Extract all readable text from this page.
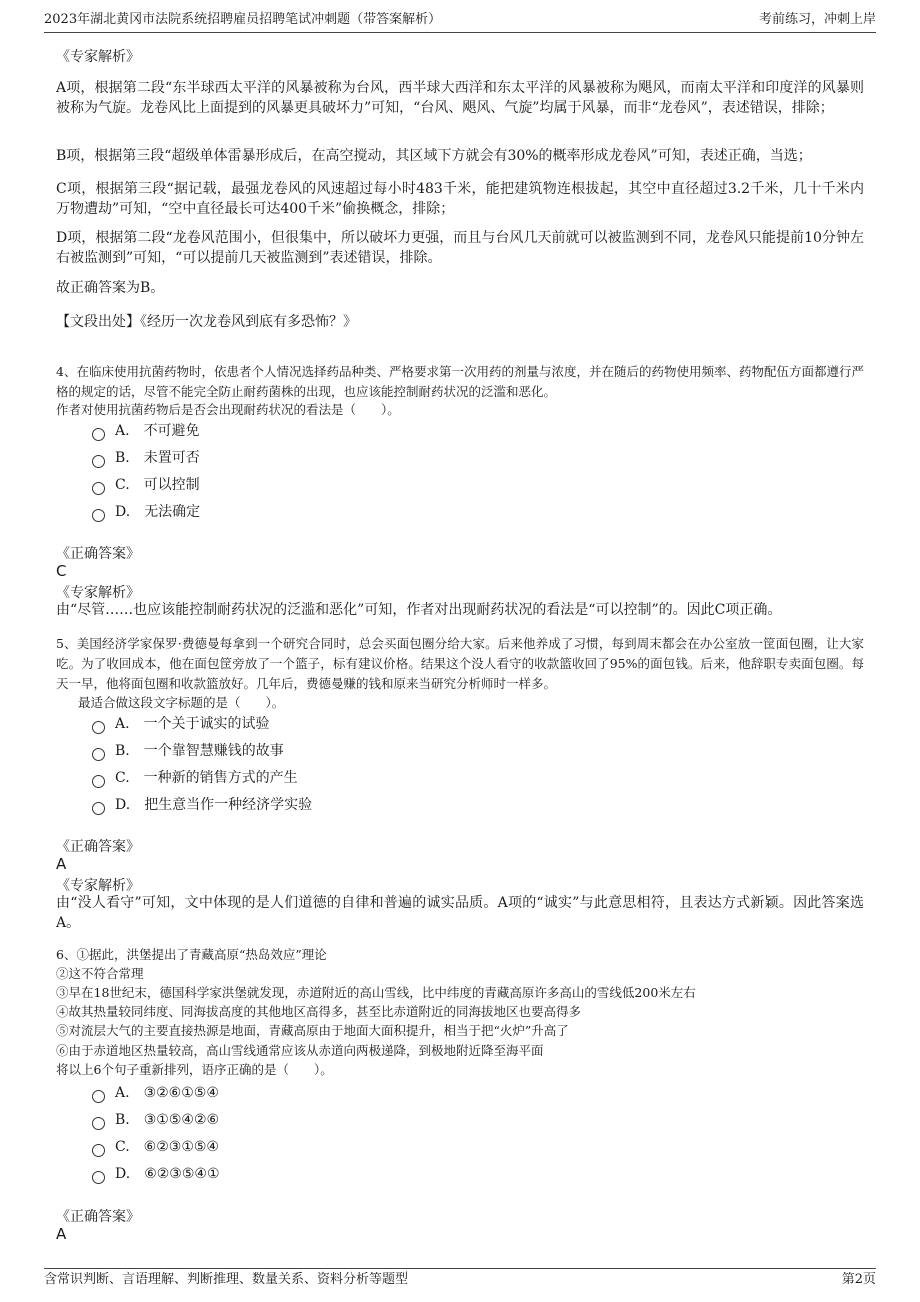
2023年湖北黄冈市法院系统招聘雇员招聘笔试冲刺题（带答案解析）	考前练习，冲刺上岸
《专家解析》
A项，根据第二段“东半球西太平洋的风暴被称为台风，西半球大西洋和东太平洋的风暴被称为飓风，而南太平洋和印度洋的风暴则被称为气旋。龙卷风比上面提到的风暴更具破坏力”可知，“台风、飓风、气旋”均属于风暴，而非“龙卷风”，表述错误，排除；
B项，根据第三段“超级单体雷暴形成后，在高空搅动，其区域下方就会有30%的概率形成龙卷风”可知，表述正确，当选；
C项，根据第三段“据记载，最强龙卷风的风速超过每小时483千米，能把建筑物连根拔起，其空中直径超过3.2千米，几十千米内万物遭劫”可知，“空中直径最长可达400千米”偷换概念，排除；
D项，根据第二段“龙卷风范围小，但很集中，所以破坏力更强，而且与台风几天前就可以被监测到不同，龙卷风只能提前10分钟左右被监测到”可知，“可以提前几天被监测到”表述错误，排除。
故正确答案为B。
【文段出处】《经历一次龙卷风到底有多恐怖？》
4、在临床使用抗菌药物时，依患者个人情况选择药品种类、严格要求第一次用药的剂量与浓度，并在随后的药物使用频率、药物配伍方面都遵行严格的规定的话，尽管不能完全防止耐药菌株的出现，也应该能控制耐药状况的泛滥和恶化。
作者对使用抗菌药物后是否会出现耐药状况的看法是（　　）。
A. 不可避免
B. 未置可否
C. 可以控制
D. 无法确定
《正确答案》
C
《专家解析》
由“尽管……也应该能控制耐药状况的泛滥和恶化”可知，作者对出现耐药状况的看法是“可以控制”的。因此C项正确。
5、美国经济学家保罗·费德曼每拿到一个研究合同时，总会买面包圈分给大家。后来他养成了习惯，每到周末都会在办公室放一筐面包圈，让大家吃。为了收回成本，他在面包筐旁放了一个篮子，标有建议价格。结果这个没人看守的收款篮收回了95%的面包钱。后来，他辞职专卖面包圈。每天一早，他将面包圈和收款篮放好。几年后，费德曼赚的钱和原来当研究分析师时一样多。
最适合做这段文字标题的是（　　）。
A. 一个关于诚实的试验
B. 一个靠智慧赚钱的故事
C. 一种新的销售方式的产生
D. 把生意当作一种经济学实验
《正确答案》
A
《专家解析》
由“没人看守”可知，文中体现的是人们道德的自律和普遍的诚实品质。A项的“诚实”与此意思相符，且表达方式新颖。因此答案选A。
6、①据此，洪堡提出了青藏高原“热岛效应”理论
②这不符合常理
③早在18世纪末，德国科学家洪堡就发现，赤道附近的高山雪线，比中纬度的青藏高原许多高山的雪线低200米左右
④故其热量较同纬度、同海拔高度的其他地区高得多，甚至比赤道附近的同海拔地区也要高得多
⑤对流层大气的主要直接热源是地面，青藏高原由于地面大面积提升，相当于把“火炉”升高了
⑥由于赤道地区热量较高，高山雪线通常应该从赤道向两极递降，到极地附近降至海平面
将以上6个句子重新排列，语序正确的是（　　）。
A. ③②⑥①⑤④
B. ③①⑤④②⑥
C. ⑥②③①⑤④
D. ⑥②③⑤④①
《正确答案》
A
含常识判断、言语理解、判断推理、数量关系、资料分析等题型	第2页
